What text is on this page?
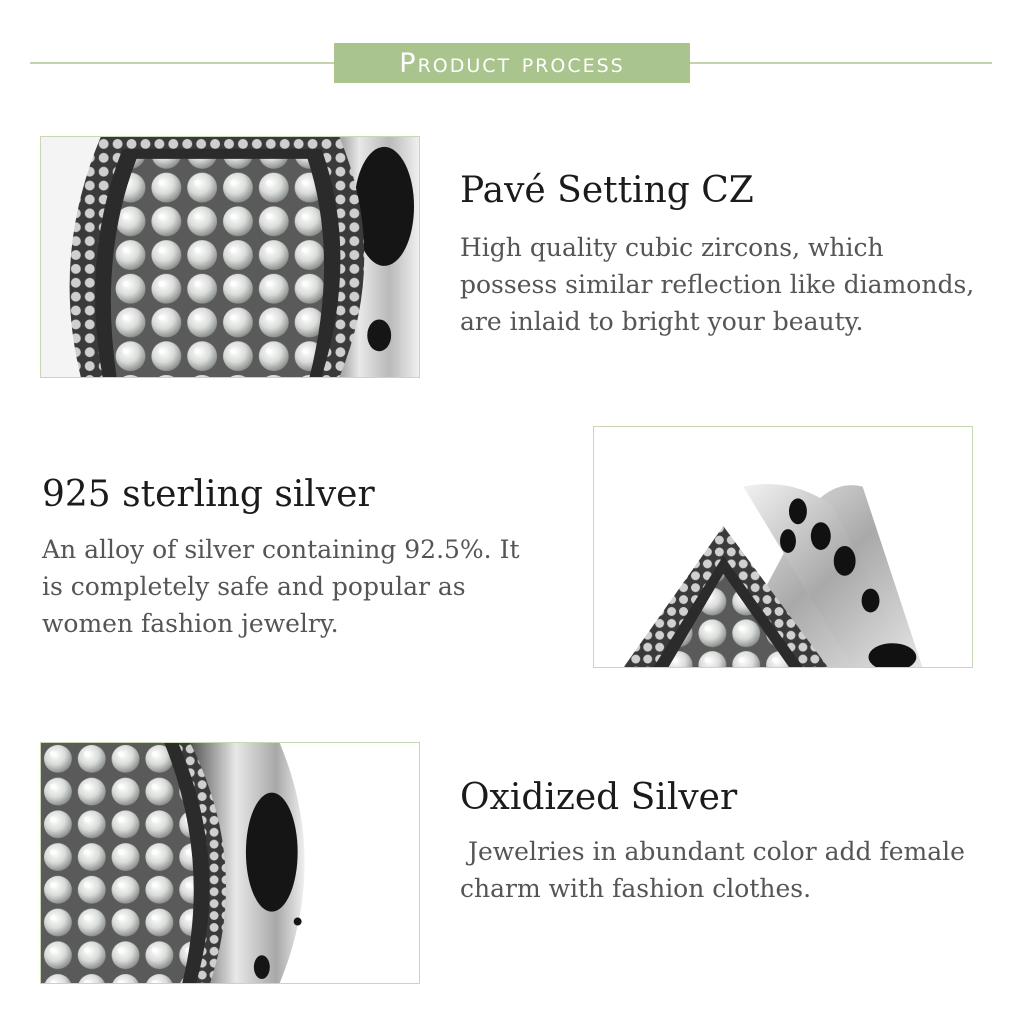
Product process
Pavé Setting CZ

High quality cubic zircons, which possess similar reflection like diamonds, are inlaid to bright your beauty.

925 sterling silver

An alloy of silver containing 92.5%. It is completely safe and popular as women fashion jewelry.

Oxidized Silver

Jewelries in abundant color add female charm with fashion clothes.
